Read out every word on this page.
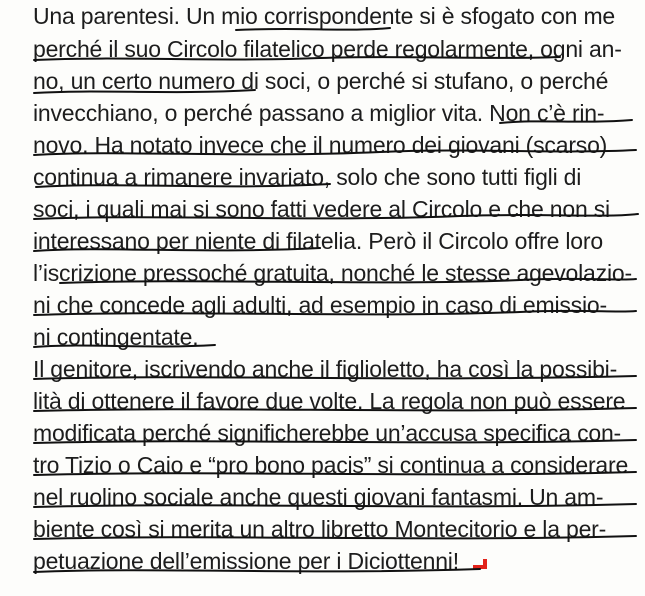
Una parentesi. Un mio corrispondente si è sfogato con me
perché il suo Circolo filatelico perde regolarmente, ogni an-
no, un certo numero di soci, o perché si stufano, o perché
invecchiano, o perché passano a miglior vita. Non c’è rin-
novo. Ha notato invece che il numero dei giovani (scarso)
continua a rimanere invariato, solo che sono tutti figli di
soci, i quali mai si sono fatti vedere al Circolo e che non si
interessano per niente di filatelia. Però il Circolo offre loro
l’iscrizione pressoché gratuita, nonché le stesse agevolazio-
ni che concede agli adulti, ad esempio in caso di emissio-
ni contingentate.
Il genitore, iscrivendo anche il figlioletto, ha così la possibi-
lità di ottenere il favore due volte. La regola non può essere
modificata perché significherebbe un’accusa specifica con-
tro Tizio o Caio e “pro bono pacis” si continua a considerare
nel ruolino sociale anche questi giovani fantasmi. Un am-
biente così si merita un altro libretto Montecitorio e la per-
petuazione dell’emissione per i Diciottenni!
